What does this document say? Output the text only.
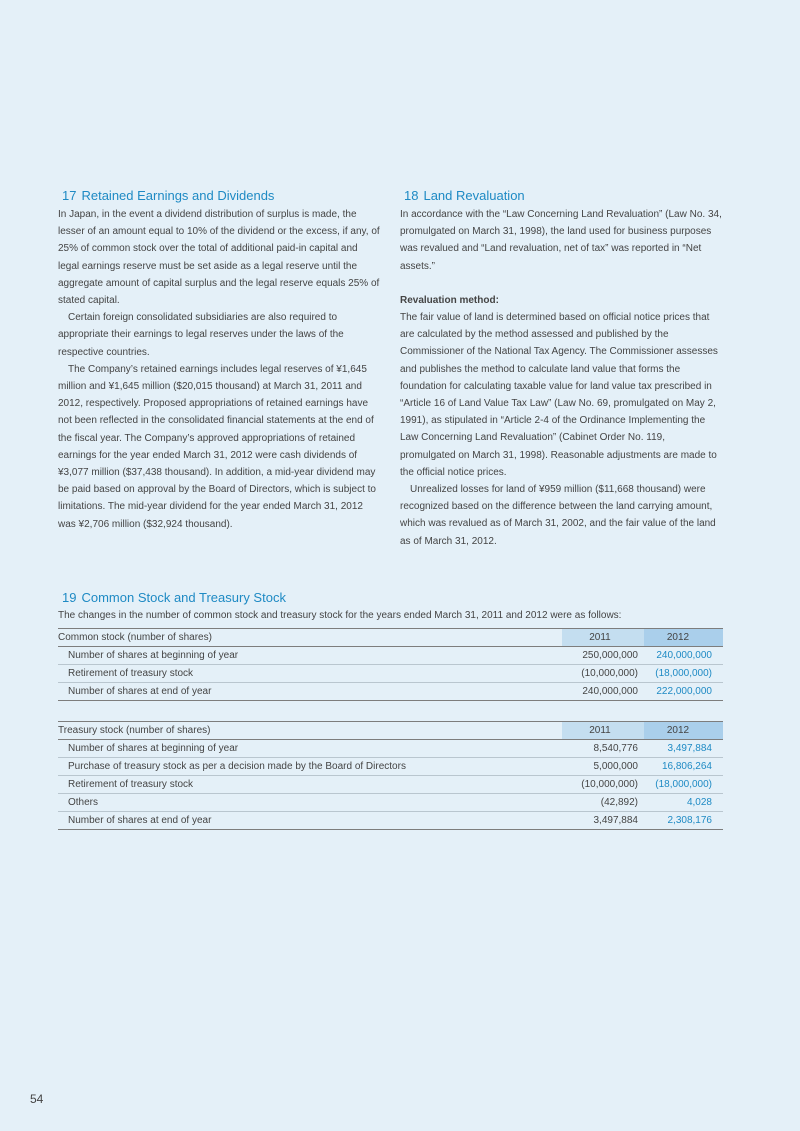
17 Retained Earnings and Dividends

In Japan, in the event a dividend distribution of surplus is made, the lesser of an amount equal to 10% of the dividend or the excess, if any, of 25% of common stock over the total of additional paid-in capital and legal earnings reserve must be set aside as a legal reserve until the aggregate amount of capital surplus and the legal reserve equals 25% of stated capital.

Certain foreign consolidated subsidiaries are also required to appropriate their earnings to legal reserves under the laws of the respective countries.

The Company’s retained earnings includes legal reserves of ¥1,645 million and ¥1,645 million ($20,015 thousand) at March 31, 2011 and 2012, respectively. Proposed appropriations of retained earnings have not been reflected in the consolidated financial statements at the end of the fiscal year. The Company’s approved appropriations of retained earnings for the year ended March 31, 2012 were cash dividends of ¥3,077 million ($37,438 thousand). In addition, a mid-year dividend may be paid based on approval by the Board of Directors, which is subject to limitations. The mid-year dividend for the year ended March 31, 2012 was ¥2,706 million ($32,924 thousand).

18 Land Revaluation

In accordance with the “Law Concerning Land Revaluation” (Law No. 34, promulgated on March 31, 1998), the land used for business purposes was revalued and “Land revaluation, net of tax” was reported in “Net assets.”

Revaluation method:

The fair value of land is determined based on official notice prices that are calculated by the method assessed and published by the Commissioner of the National Tax Agency. The Commissioner assesses and publishes the method to calculate land value that forms the foundation for calculating taxable value for land value tax prescribed in “Article 16 of Land Value Tax Law” (Law No. 69, promulgated on May 2, 1991), as stipulated in “Article 2-4 of the Ordinance Implementing the Law Concerning Land Revaluation” (Cabinet Order No. 119, promulgated on March 31, 1998). Reasonable adjustments are made to the official notice prices.

Unrealized losses for land of ¥959 million ($11,668 thousand) were recognized based on the difference between the land carrying amount, which was revalued as of March 31, 2002, and the fair value of the land as of March 31, 2012.

19 Common Stock and Treasury Stock

The changes in the number of common stock and treasury stock for the years ended March 31, 2011 and 2012 were as follows:

Common stock (number of shares)	2011	2012
Number of shares at beginning of year	250,000,000	240,000,000
Retirement of treasury stock	(10,000,000)	(18,000,000)
Number of shares at end of year	240,000,000	222,000,000
Treasury stock (number of shares)	2011	2012
Number of shares at beginning of year	8,540,776	3,497,884
Purchase of treasury stock as per a decision made by the Board of Directors	5,000,000	16,806,264
Retirement of treasury stock	(10,000,000)	(18,000,000)
Others	(42,892)	4,028
Number of shares at end of year	3,497,884	2,308,176
54
